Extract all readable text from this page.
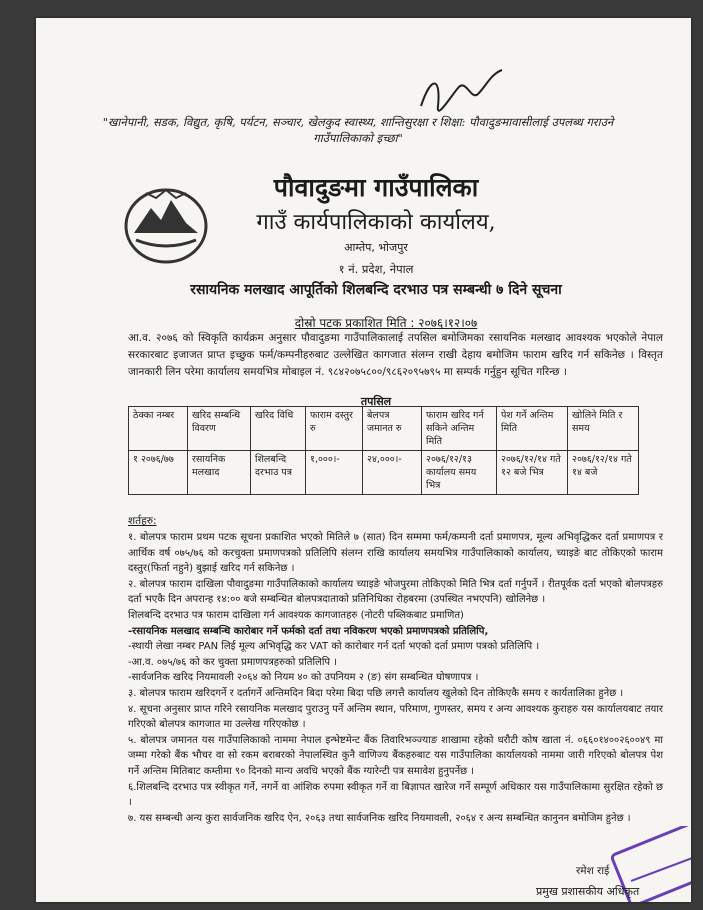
"खानेपानी, सडक, विद्युत, कृषि, पर्यटन, सञ्चार, खेलकुद स्वास्थ्य, शान्तिसुरक्षा र शिक्षा: पौवादुङमावासीलाई उपलब्ध गराउने गाउँपालिकाको इच्छा"
पौवादुङमा गाउँपालिका
गाउँ कार्यपालिकाको कार्यालय,
आम्तेप, भोजपुर
१ नं. प्रदेश, नेपाल
रसायनिक मलखाद आपूर्तिको शिलबन्दि दरभाउ पत्र सम्बन्धी ७ दिने सूचना
दोस्रो पटक प्रकाशित मिति : २०७६।१२।०७
आ.व. २०७६ को स्विकृति कार्यक्रम अनुसार पौवादुङमा गाउँपालिकालाई तपसिल बमोजिमका रसायनिक मलखाद आवश्यक भएकोले नेपाल सरकारबाट इजाजत प्राप्त इच्छुक फर्म/कम्पनीहरुबाट उल्लेखित कागजात संलग्न राखी देहाय बमोजिम फाराम खरिद गर्न सकिनेछ । विस्तृत जानकारी लिन परेमा कार्यालय समयभित्र मोबाइल नं. ९८४२०७५८००/९८६२०९५७९५ मा सम्पर्क गर्नुहुन सूचित गरिन्छ ।
तपसिल
ठेक्का नम्बर	खरिद सम्बन्धि विवरण	खरिद विधि	फाराम दस्तुर रु	बेलपत्र जमानत रु	फाराम खरिद गर्न सकिने अन्तिम मिति	पेश गर्ने अन्तिम मिति	खोलिने मिति र समय
१ २०७६/७७	रसायनिक मलखाद	शिलबन्दि दरभाउ पत्र	१,०००।-	२४,०००।-	२०७६/१२/१३ कार्यालय समय भित्र	२०७६/१२/१४ गते १२ बजे भित्र	२०७६/१२/१४ गते १४ बजे
शर्तहरु:

१. बोलपत्र फाराम प्रथम पटक सूचना प्रकाशित भएको मितिले ७ (सात) दिन सम्ममा फर्म/कम्पनी दर्ता प्रमाणपत्र, मूल्य अभिवृद्धिकर दर्ता प्रमाणपत्र र आर्थिक वर्ष ०७५/७६ को करचुक्ता प्रमाणपत्रको प्रतिलिपि संलग्न राखि कार्यालय समयभित्र गाउँपालिकाको कार्यालय, च्याइङे बाट तोकिएको फाराम दस्तुर(फिर्ता नहुने) बुझाई खरिद गर्न सकिनेछ ।

२. बोलपत्र फाराम दाखिला पौवादुङमा गाउँपालिकाको कार्यालय च्याइङे भोजपुरमा तोकिएको मिति भित्र दर्ता गर्नुपर्ने । रीतपूर्वक दर्ता भएको बोलपत्रहरु दर्ता भएकै दिन अपरान्ह १४:०० बजे सम्बन्धित बोलपत्रदाताको प्रतिनिधिका रोहबरमा (उपस्थित नभएपनि) खोलिनेछ ।

शिलबन्दि दरभाउ पत्र फाराम दाखिला गर्न आवश्यक कागजातहरु (नोटरी पब्लिकबाट प्रमाणित)

-रसायनिक मलखाद सम्बन्धि कारोबार गर्ने फर्मको दर्ता तथा नविकरण भएको प्रमाणपत्रको प्रतिलिपि,

-स्थायी लेखा नम्बर PAN लिई मूल्य अभिवृद्धि कर VAT को कारोबार गर्न दर्ता भएको दर्ता प्रमाण पत्रको प्रतिलिपि ।

-आ.व. ०७५/७६ को कर चुक्ता प्रमाणपत्रहरुको प्रतिलिपि ।

-सार्वजनिक खरिद नियमावली २०६४ को नियम ४० को उपनियम २ (ङ) संग सम्बन्धित घोषणापत्र ।

३. बोलपत्र फाराम खरिदगर्ने र दर्तागर्ने अन्तिमदिन बिदा परेमा बिदा पछि लगत्तै कार्यालय खुलेको दिन तोकिएकै समय र कार्यतालिका हुनेछ ।

४. सूचना अनुसार प्राप्त गरिने रसायनिक मलखाद पुराउनु पर्ने अन्तिम स्थान, परिमाण, गुणस्तर, समय र अन्य आवश्यक कुराहरु यस कार्यालयबाट तयार गरिएको बोलपत्र कागजात मा उल्लेख गरिएकोछ ।

५. बोलपत्र जमानत यस गाउँपालिकाको नाममा नेपाल इन्भेष्टमेन्ट बैंक तिवारिभञ्ज्याङ शाखामा रहेको धरौटी कोष खाता नं. ०६६०१४००२६००४९ मा जम्मा गरेको बैंक भौचर वा सो रकम बराबरको नेपालस्थित कुनै वाणिज्य बैंकहरुबाट यस गाउँपालिका कार्यालयको नाममा जारी गरिएको बोलपत्र पेश गर्ने अन्तिम मितिबाट कम्तीमा ९० दिनको मान्य अवधि भएको बैंक ग्यारेन्टी पत्र समावेश हुनुपर्नेछ ।

६.शिलबन्दि दरभाउ पत्र स्वीकृत गर्ने, नगर्ने वा आंशिक रुपमा स्वीकृत गर्ने वा बिज्ञापत खारेज गर्ने सम्पूर्ण अधिकार यस गाउँपालिकामा सुरक्षित रहेको छ ।

७. यस सम्बन्धी अन्य कुरा सार्वजनिक खरिद ऐन, २०६३ तथा सार्वजनिक खरिद नियमावली, २०६४ र अन्य सम्बन्धित कानुनन बमोजिम हुनेछ ।

रमेश राई
प्रमुख प्रशासकीय अधिकृत
